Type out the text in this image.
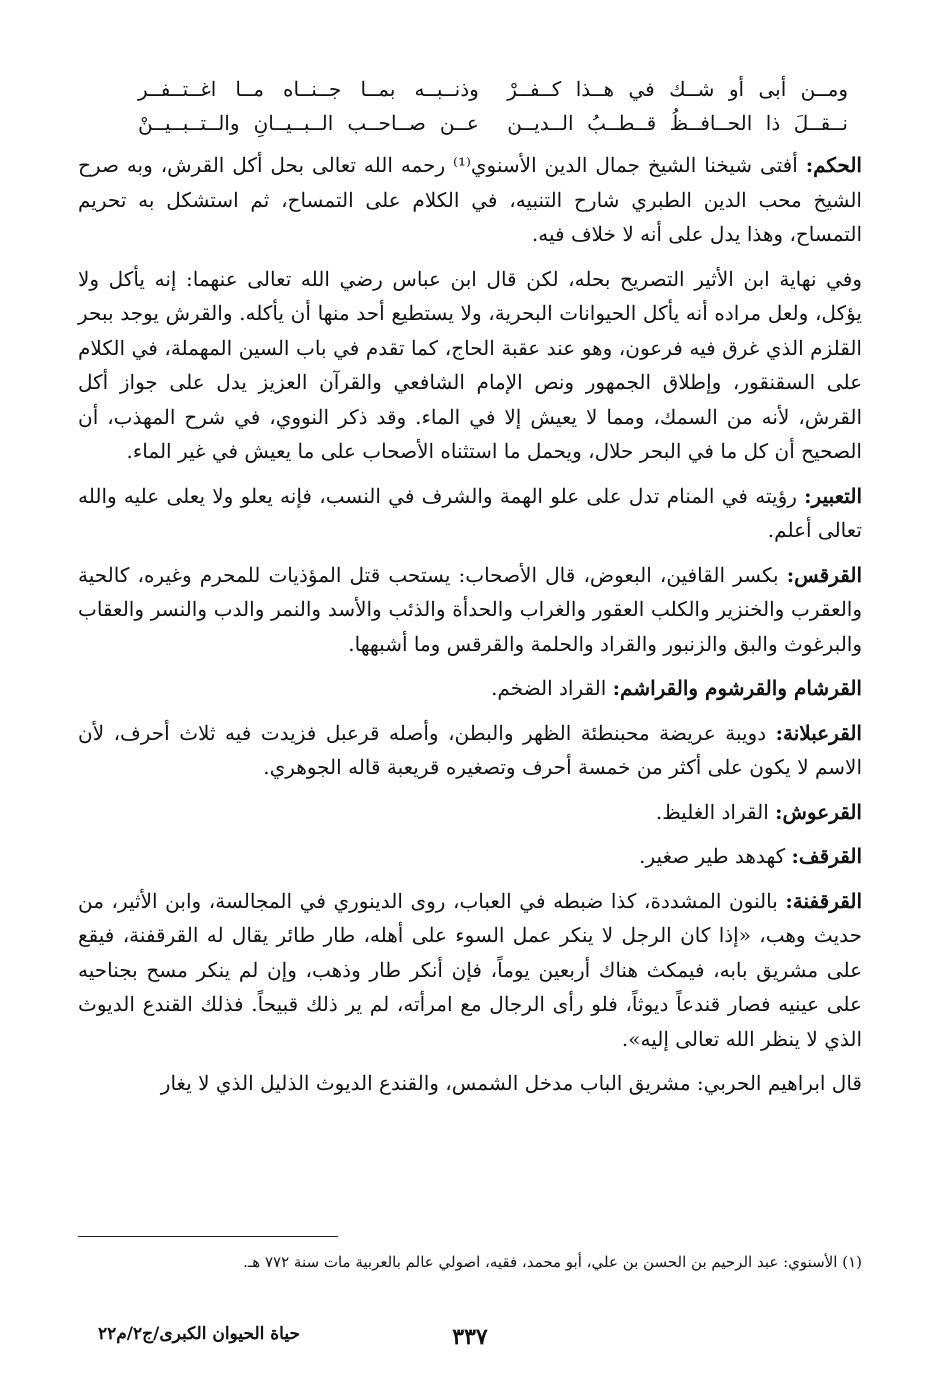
ومــن أبى أو شــك في هــذا كــفــرْ
وذنــبــه بمــا جــنــاه مــا اغــتــفــر
نــقــلَ ذا الحــافــظُ قــطــبُ الــديــن
عــن صــاحــب الــبــيــانِ والــتــبــيــنْ

الحكم: أفتى شيخنا الشيخ جمال الدين الأسنوي⁽¹⁾ رحمه الله تعالى بحل أكل القرش، وبه صرح الشيخ محب الدين الطبري شارح التنبيه، في الكلام على التمساح، ثم استشكل به تحريم التمساح، وهذا يدل على أنه لا خلاف فيه.

وفي نهاية ابن الأثير التصريح بحله، لكن قال ابن عباس رضي الله تعالى عنهما: إنه يأكل ولا يؤكل، ولعل مراده أنه يأكل الحيوانات البحرية، ولا يستطيع أحد منها أن يأكله. والقرش يوجد ببحر القلزم الذي غرق فيه فرعون، وهو عند عقبة الحاج، كما تقدم في باب السين المهملة، في الكلام على السقنقور، وإطلاق الجمهور ونص الإمام الشافعي والقرآن العزيز يدل على جواز أكل القرش، لأنه من السمك، ومما لا يعيش إلا في الماء. وقد ذكر النووي، في شرح المهذب، أن الصحيح أن كل ما في البحر حلال، ويحمل ما استثناه الأصحاب على ما يعيش في غير الماء.

التعبير: رؤيته في المنام تدل على علو الهمة والشرف في النسب، فإنه يعلو ولا يعلى عليه والله تعالى أعلم.

القرقس: بكسر القافين، البعوض، قال الأصحاب: يستحب قتل المؤذيات للمحرم وغيره، كالحية والعقرب والخنزير والكلب العقور والغراب والحدأة والذئب والأسد والنمر والدب والنسر والعقاب والبرغوث والبق والزنبور والقراد والحلمة والقرقس وما أشبهها.

القرشام والقرشوم والقراشم: القراد الضخم.

القرعبلانة: دويبة عريضة محبنطئة الظهر والبطن، وأصله قرعبل فزيدت فيه ثلاث أحرف، لأن الاسم لا يكون على أكثر من خمسة أحرف وتصغيره قريعبة قاله الجوهري.

القرعوش: القراد الغليظ.

القرقف: كهدهد طير صغير.

القرقفنة: بالنون المشددة، كذا ضبطه في العباب، روى الدينوري في المجالسة، وابن الأثير، من حديث وهب، «إذا كان الرجل لا ينكر عمل السوء على أهله، طار طائر يقال له القرقفنة، فيقع على مشريق بابه، فيمكث هناك أربعين يوماً، فإن أنكر طار وذهب، وإن لم ينكر مسح بجناحيه على عينيه فصار قندعاً ديوثاً، فلو رأى الرجال مع امرأته، لم ير ذلك قبيحاً. فذلك القندع الديوث الذي لا ينظر الله تعالى إليه».

قال ابراهيم الحربي: مشريق الباب مدخل الشمس، والقندع الديوث الذليل الذي لا يغار

(١) الأسنوي: عبد الرحيم بن الحسن بن علي، أبو محمد، فقيه، اصولي عالم بالعربية مات سنة ٧٧٢ هـ.
٣٣٧
حياة الحيوان الكبرى/ج٢/م٢٢
